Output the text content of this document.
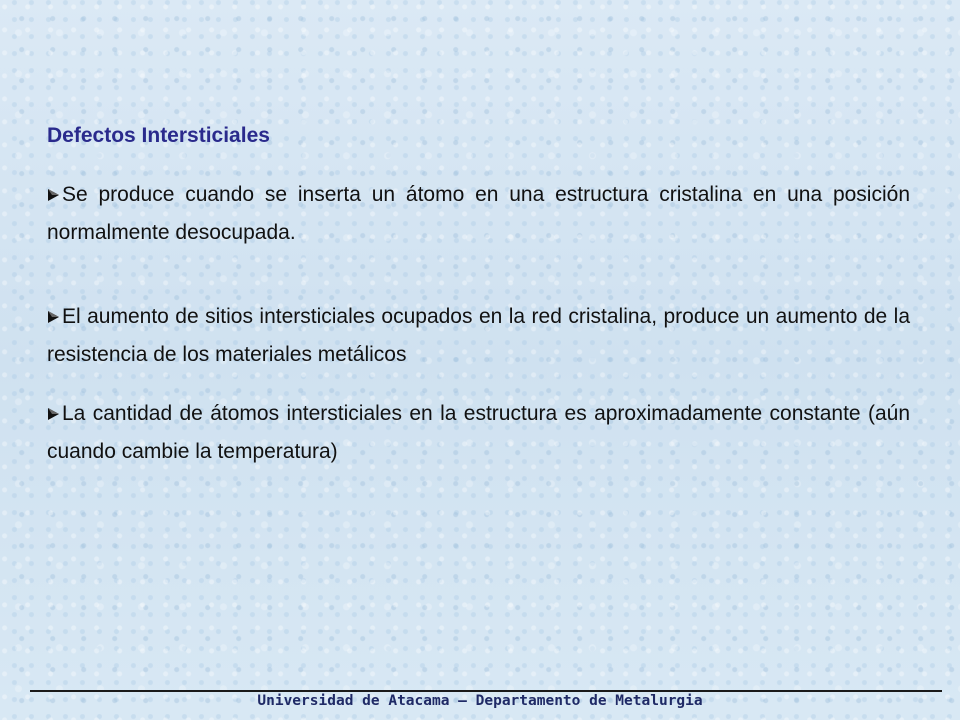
Defectos Intersticiales

Se produce cuando se inserta un átomo en una estructura cristalina en una posición normalmente desocupada.

El aumento de sitios intersticiales ocupados en la red cristalina, produce un aumento de la resistencia de los materiales metálicos

La cantidad de átomos intersticiales en la estructura es aproximadamente constante (aún cuando cambie la temperatura)

Universidad de Atacama – Departamento de Metalurgia
